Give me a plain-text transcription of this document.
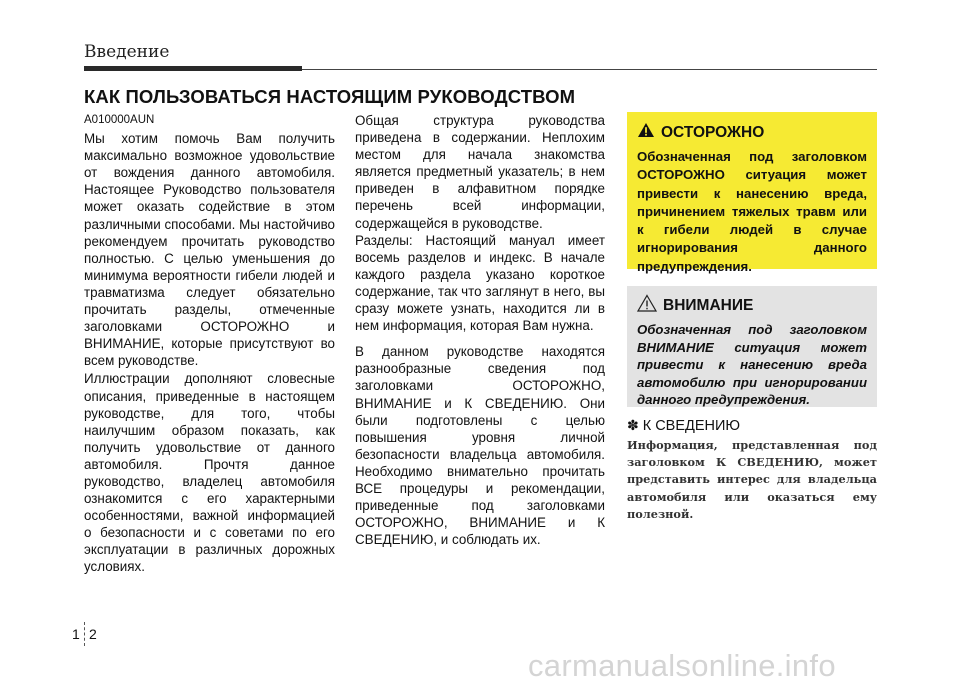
Введение
КАК ПОЛЬЗОВАТЬСЯ НАСТОЯЩИМ РУКОВОДСТВОМ

A010000AUN

Мы хотим помочь Вам получить максимально возможное удовольствие от вождения данного автомобиля. Настоящее Руководство пользователя может оказать содействие в этом различными способами. Мы настойчиво рекомендуем прочитать руководство полностью. С целью уменьшения до минимума вероятности гибели людей и травматизма следует обязательно прочитать разделы, отмеченные заголовками ОСТОРОЖНО и ВНИМАНИЕ, которые присутствуют во всем руководстве.

Иллюстрации дополняют словесные описания, приведенные в настоящем руководстве, для того, чтобы наилучшим образом показать, как получить удовольствие от данного автомобиля. Прочтя данное руководство, владелец автомобиля ознакомится с его характерными особенностями, важной информацией о безопасности и с советами по его эксплуатации в различных дорожных условиях.

Общая структура руководства приведена в содержании. Неплохим местом для начала знакомства является предметный указатель; в нем приведен в алфавитном порядке перечень всей информации, содержащейся в руководстве.

Разделы: Настоящий мануал имеет восемь разделов и индекс. В начале каждого раздела указано короткое содержание, так что заглянут в него, вы сразу можете узнать, находится ли в нем информация, которая Вам нужна.

В данном руководстве находятся разнообразные сведения под заголовками ОСТОРОЖНО, ВНИМАНИЕ и К СВЕДЕНИЮ. Они были подготовлены с целью повышения уровня личной безопасности владельца автомобиля. Необходимо внимательно прочитать ВСЕ процедуры и рекомендации, приведенные под заголовками ОСТОРОЖНО, ВНИМАНИЕ и К СВЕДЕНИЮ, и соблюдать их.

ОСТОРОЖНО
Обозначенная под заголовком ОСТОРОЖНО ситуация может привести к нанесению вреда, причинением тяжелых травм или к гибели людей в случае игнорирования данного предупреждения.
ВНИМАНИЕ
Обозначенная под заголовком ВНИМАНИЕ ситуация может привести к нанесению вреда автомобилю при игнорировании данного предупреждения.
✽ К СВЕДЕНИЮ
Информация, представленная под заголовком К СВЕДЕНИЮ, может представить интерес для владельца автомобиля или оказаться ему полезной.
1 2
carmanualsonline.info
